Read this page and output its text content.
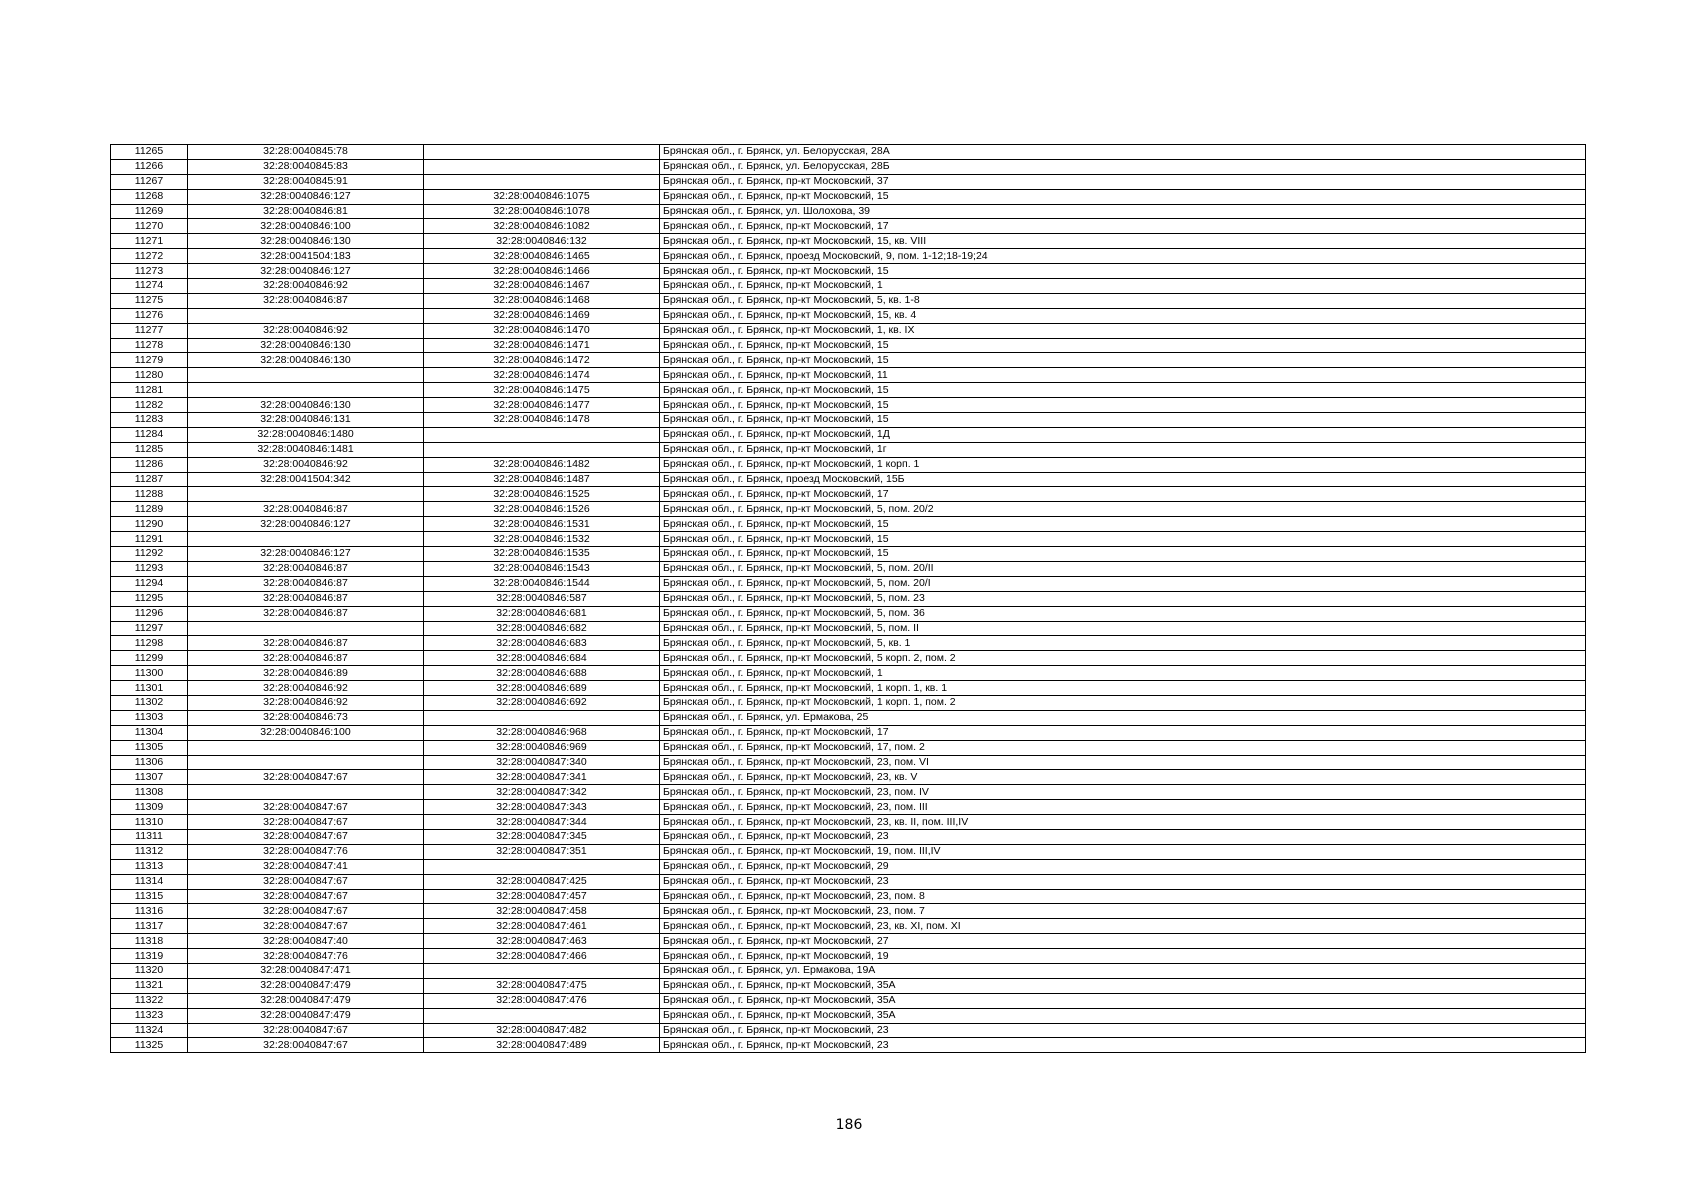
11265	32:28:0040845:78		Брянская обл., г. Брянск, ул. Белорусская, 28А
11266	32:28:0040845:83		Брянская обл., г. Брянск, ул. Белорусская, 28Б
11267	32:28:0040845:91		Брянская обл., г. Брянск, пр-кт Московский, 37
11268	32:28:0040846:127	32:28:0040846:1075	Брянская обл., г. Брянск, пр-кт Московский, 15
11269	32:28:0040846:81	32:28:0040846:1078	Брянская обл., г. Брянск, ул. Шолохова, 39
11270	32:28:0040846:100	32:28:0040846:1082	Брянская обл., г. Брянск, пр-кт Московский, 17
11271	32:28:0040846:130	32:28:0040846:132	Брянская обл., г. Брянск, пр-кт Московский, 15, кв. VIII
11272	32:28:0041504:183	32:28:0040846:1465	Брянская обл., г. Брянск, проезд Московский, 9, пом. 1-12;18-19;24
11273	32:28:0040846:127	32:28:0040846:1466	Брянская обл., г. Брянск, пр-кт Московский, 15
11274	32:28:0040846:92	32:28:0040846:1467	Брянская обл., г. Брянск, пр-кт Московский, 1
11275	32:28:0040846:87	32:28:0040846:1468	Брянская обл., г. Брянск, пр-кт Московский, 5, кв. 1-8
11276		32:28:0040846:1469	Брянская обл., г. Брянск, пр-кт Московский, 15, кв. 4
11277	32:28:0040846:92	32:28:0040846:1470	Брянская обл., г. Брянск, пр-кт Московский, 1, кв. IX
11278	32:28:0040846:130	32:28:0040846:1471	Брянская обл., г. Брянск, пр-кт Московский, 15
11279	32:28:0040846:130	32:28:0040846:1472	Брянская обл., г. Брянск, пр-кт Московский, 15
11280		32:28:0040846:1474	Брянская обл., г. Брянск, пр-кт Московский, 11
11281		32:28:0040846:1475	Брянская обл., г. Брянск, пр-кт Московский, 15
11282	32:28:0040846:130	32:28:0040846:1477	Брянская обл., г. Брянск, пр-кт Московский, 15
11283	32:28:0040846:131	32:28:0040846:1478	Брянская обл., г. Брянск, пр-кт Московский, 15
11284	32:28:0040846:1480		Брянская обл., г. Брянск, пр-кт Московский, 1Д
11285	32:28:0040846:1481		Брянская обл., г. Брянск, пр-кт Московский, 1г
11286	32:28:0040846:92	32:28:0040846:1482	Брянская обл., г. Брянск, пр-кт Московский, 1 корп. 1
11287	32:28:0041504:342	32:28:0040846:1487	Брянская обл., г. Брянск, проезд Московский, 15Б
11288		32:28:0040846:1525	Брянская обл., г. Брянск, пр-кт Московский, 17
11289	32:28:0040846:87	32:28:0040846:1526	Брянская обл., г. Брянск, пр-кт Московский, 5, пом. 20/2
11290	32:28:0040846:127	32:28:0040846:1531	Брянская обл., г. Брянск, пр-кт Московский, 15
11291		32:28:0040846:1532	Брянская обл., г. Брянск, пр-кт Московский, 15
11292	32:28:0040846:127	32:28:0040846:1535	Брянская обл., г. Брянск, пр-кт Московский, 15
11293	32:28:0040846:87	32:28:0040846:1543	Брянская обл., г. Брянск, пр-кт Московский, 5, пом. 20/II
11294	32:28:0040846:87	32:28:0040846:1544	Брянская обл., г. Брянск, пр-кт Московский, 5, пом. 20/I
11295	32:28:0040846:87	32:28:0040846:587	Брянская обл., г. Брянск, пр-кт Московский, 5, пом. 23
11296	32:28:0040846:87	32:28:0040846:681	Брянская обл., г. Брянск, пр-кт Московский, 5, пом. 36
11297		32:28:0040846:682	Брянская обл., г. Брянск, пр-кт Московский, 5, пом. II
11298	32:28:0040846:87	32:28:0040846:683	Брянская обл., г. Брянск, пр-кт Московский, 5, кв. 1
11299	32:28:0040846:87	32:28:0040846:684	Брянская обл., г. Брянск, пр-кт Московский, 5 корп. 2, пом. 2
11300	32:28:0040846:89	32:28:0040846:688	Брянская обл., г. Брянск, пр-кт Московский, 1
11301	32:28:0040846:92	32:28:0040846:689	Брянская обл., г. Брянск, пр-кт Московский, 1 корп. 1, кв. 1
11302	32:28:0040846:92	32:28:0040846:692	Брянская обл., г. Брянск, пр-кт Московский, 1 корп. 1, пом. 2
11303	32:28:0040846:73		Брянская обл., г. Брянск, ул. Ермакова, 25
11304	32:28:0040846:100	32:28:0040846:968	Брянская обл., г. Брянск, пр-кт Московский, 17
11305		32:28:0040846:969	Брянская обл., г. Брянск, пр-кт Московский, 17, пом. 2
11306		32:28:0040847:340	Брянская обл., г. Брянск, пр-кт Московский, 23, пом. VI
11307	32:28:0040847:67	32:28:0040847:341	Брянская обл., г. Брянск, пр-кт Московский, 23, кв. V
11308		32:28:0040847:342	Брянская обл., г. Брянск, пр-кт Московский, 23, пом. IV
11309	32:28:0040847:67	32:28:0040847:343	Брянская обл., г. Брянск, пр-кт Московский, 23, пом. III
11310	32:28:0040847:67	32:28:0040847:344	Брянская обл., г. Брянск, пр-кт Московский, 23, кв. II, пом. III,IV
11311	32:28:0040847:67	32:28:0040847:345	Брянская обл., г. Брянск, пр-кт Московский, 23
11312	32:28:0040847:76	32:28:0040847:351	Брянская обл., г. Брянск, пр-кт Московский, 19, пом. III,IV
11313	32:28:0040847:41		Брянская обл., г. Брянск, пр-кт Московский, 29
11314	32:28:0040847:67	32:28:0040847:425	Брянская обл., г. Брянск, пр-кт Московский, 23
11315	32:28:0040847:67	32:28:0040847:457	Брянская обл., г. Брянск, пр-кт Московский, 23, пом. 8
11316	32:28:0040847:67	32:28:0040847:458	Брянская обл., г. Брянск, пр-кт Московский, 23, пом. 7
11317	32:28:0040847:67	32:28:0040847:461	Брянская обл., г. Брянск, пр-кт Московский, 23, кв. XI, пом. XI
11318	32:28:0040847:40	32:28:0040847:463	Брянская обл., г. Брянск, пр-кт Московский, 27
11319	32:28:0040847:76	32:28:0040847:466	Брянская обл., г. Брянск, пр-кт Московский, 19
11320	32:28:0040847:471		Брянская обл., г. Брянск, ул. Ермакова, 19А
11321	32:28:0040847:479	32:28:0040847:475	Брянская обл., г. Брянск, пр-кт Московский, 35А
11322	32:28:0040847:479	32:28:0040847:476	Брянская обл., г. Брянск, пр-кт Московский, 35А
11323	32:28:0040847:479		Брянская обл., г. Брянск, пр-кт Московский, 35А
11324	32:28:0040847:67	32:28:0040847:482	Брянская обл., г. Брянск, пр-кт Московский, 23
11325	32:28:0040847:67	32:28:0040847:489	Брянская обл., г. Брянск, пр-кт Московский, 23
186
